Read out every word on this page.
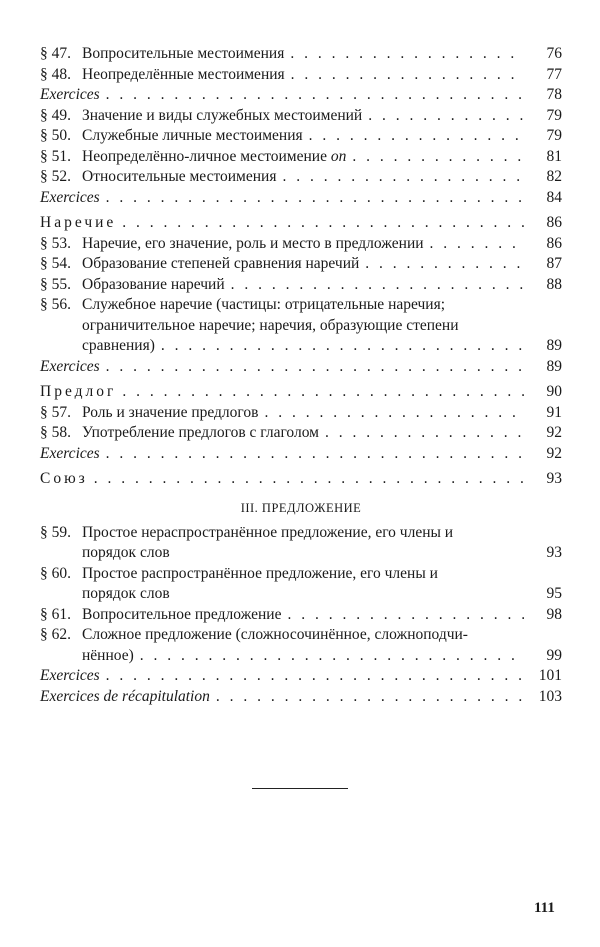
§ 47. Вопросительные местоимения . . .	76
§ 48. Неопределённые местоимения . . .	77
Exercices . . .	78
§ 49. Значение и виды служебных местоимений . . .	79
§ 50. Служебные личные местоимения . . .	79
§ 51. Неопределённо-личное местоимение on . . .	81
§ 52. Относительные местоимения . . .	82
Exercices . . .	84
Наречие . . .	86
§ 53. Наречие, его значение, роль и место в предложении . . .	86
§ 54. Образование степеней сравнения наречий . . .	87
§ 55. Образование наречий . . .	88
§ 56. Служебное наречие (частицы: отрицательные наречия;
ограничительное наречие; наречия, образующие степени
сравнения) . . .	89
Exercices . . .	89
Предлог . . .	90
§ 57. Роль и значение предлогов . . .	91
§ 58. Употребление предлогов с глаголом . . .	92
Exercices . . .	92
Союз . . .	93
III. ПРЕДЛОЖЕНИЕ
§ 59. Простое нераспространённое предложение, его члены и
порядок слов	93
§ 60. Простое распространённое предложение, его члены и
порядок слов	95
§ 61. Вопросительное предложение . . .	98
§ 62. Сложное предложение (сложносочинённое, сложноподчи-
нённое) . . .	99
Exercices . . .	101
Exercices de récapitulation . . .	103
111
